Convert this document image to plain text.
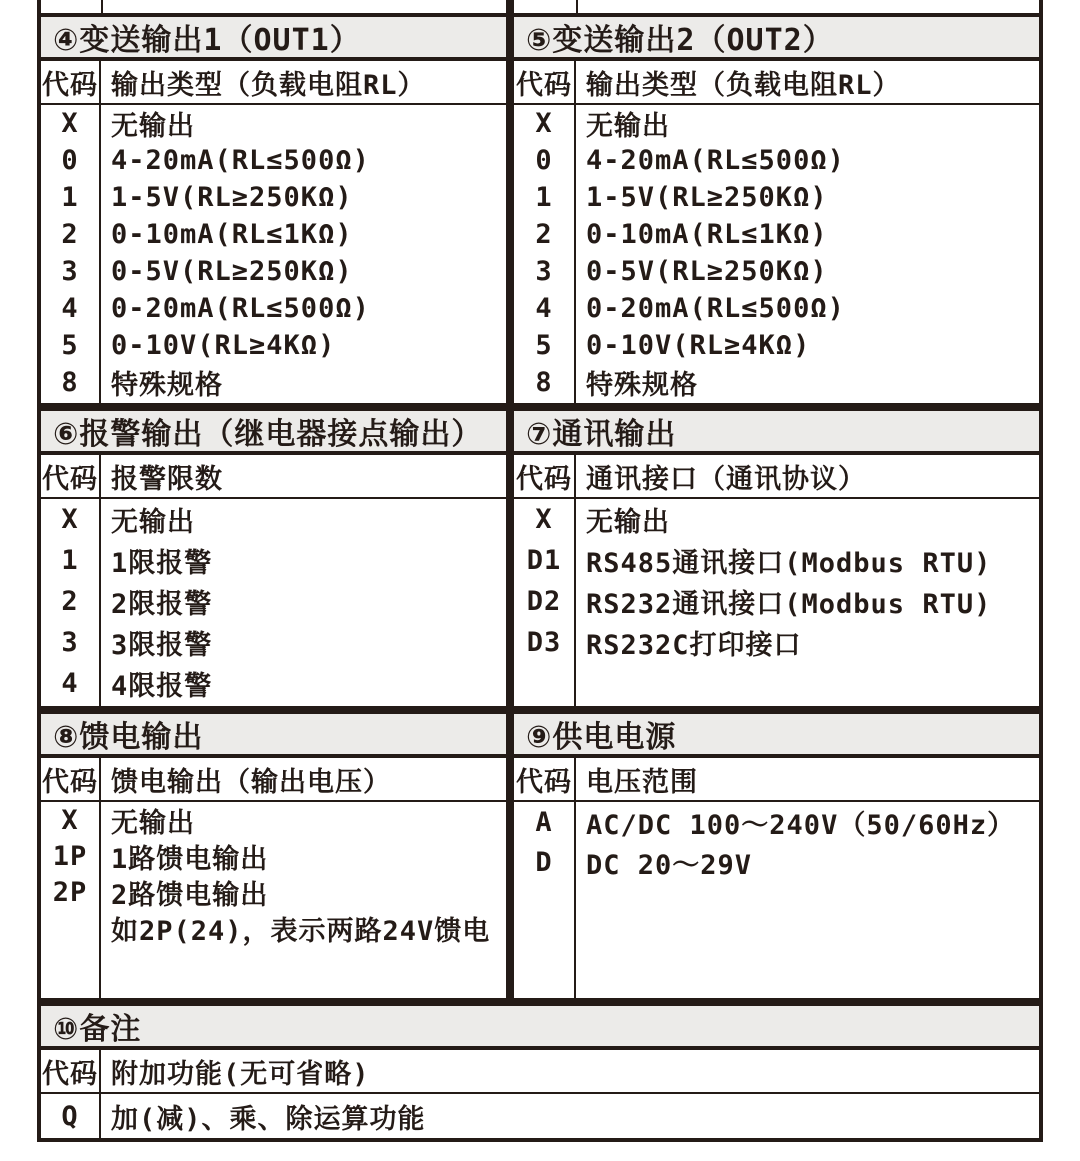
④变送输出1（OUT1）
代码 输出类型（负载电阻RL）
X	无输出
0	4-20mA(RL≤500Ω)
1	1-5V(RL≥250KΩ)
2	0-10mA(RL≤1KΩ)
3	0-5V(RL≥250KΩ)
4	0-20mA(RL≤500Ω)
5	0-10V(RL≥4KΩ)
8	特殊规格
⑤变送输出2（OUT2）
代码 输出类型（负载电阻RL）
X	无输出
0	4-20mA(RL≤500Ω)
1	1-5V(RL≥250KΩ)
2	0-10mA(RL≤1KΩ)
3	0-5V(RL≥250KΩ)
4	0-20mA(RL≤500Ω)
5	0-10V(RL≥4KΩ)
8	特殊规格
⑥报警输出（继电器接点输出）
代码 报警限数
X	无输出
1	1限报警
2	2限报警
3	3限报警
4	4限报警
⑦通讯输出
代码 通讯接口（通讯协议）
X	无输出
D1 RS485通讯接口(Modbus RTU)
D2 RS232通讯接口(Modbus RTU)
D3 RS232C打印接口
⑧馈电输出
代码 馈电输出（输出电压）
X	无输出
1P 1路馈电输出
2P 2路馈电输出
如2P(24)，表示两路24V馈电
⑨供电电源
代码 电压范围
A	AC/DC 100～240V（50/60Hz）
D	DC 20～29V
⑩备注
代码 附加功能(无可省略)
Q	加(减)、乘、除运算功能
